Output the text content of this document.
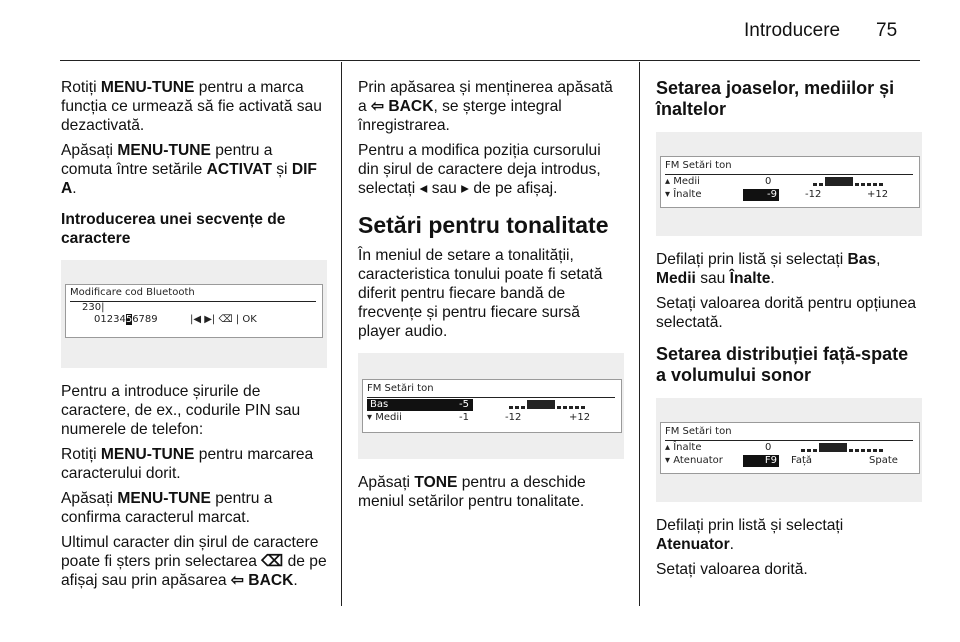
Introducere 75

Rotiți MENU-TUNE pentru a marca funcția ce urmează să fie activată sau dezactivată.

Apăsați MENU-TUNE pentru a comuta între setările ACTIVAT și DIF A.

Introducerea unei secvențe de caractere

Modificare cod Bluetooth
230|
0123456789	|◀ ▶| ⌫ | OK

Pentru a introduce șirurile de caractere, de ex., codurile PIN sau numerele de telefon:

Rotiți MENU-TUNE pentru marcarea caracterului dorit.

Apăsați MENU-TUNE pentru a confirma caracterul marcat.

Ultimul caracter din șirul de caractere poate fi șters prin selectarea ⌫ de pe afișaj sau prin apăsarea ⇦ BACK.

Prin apăsarea și menținerea apăsată a ⇦ BACK, se șterge integral înregistrarea.

Pentru a modifica poziția cursorului din șirul de caractere deja introdus, selectați ◂ sau ▸ de pe afișaj.

Setări pentru tonalitate

În meniul de setare a tonalității, caracteristica tonului poate fi setată diferit pentru fiecare bandă de frecvențe și pentru fiecare sursă player audio.

FM Setări ton
Bas	-5
▾ Medii	-1	-12	+12

Apăsați TONE pentru a deschide meniul setărilor pentru tonalitate.

Setarea joaselor, mediilor și înaltelor
FM Setări ton
▴ Medii	0
▾ Înalte	-9	-12	+12

Defilați prin listă și selectați Bas,
Medii sau Înalte.

Setați valoarea dorită pentru opțiunea selectată.

Setarea distribuției față-spate a volumului sonor
FM Setări ton
▴ Înalte	0
▾ Atenuator	F9 Față	Spate

Defilați prin listă și selectați
Atenuator.

Setați valoarea dorită.
